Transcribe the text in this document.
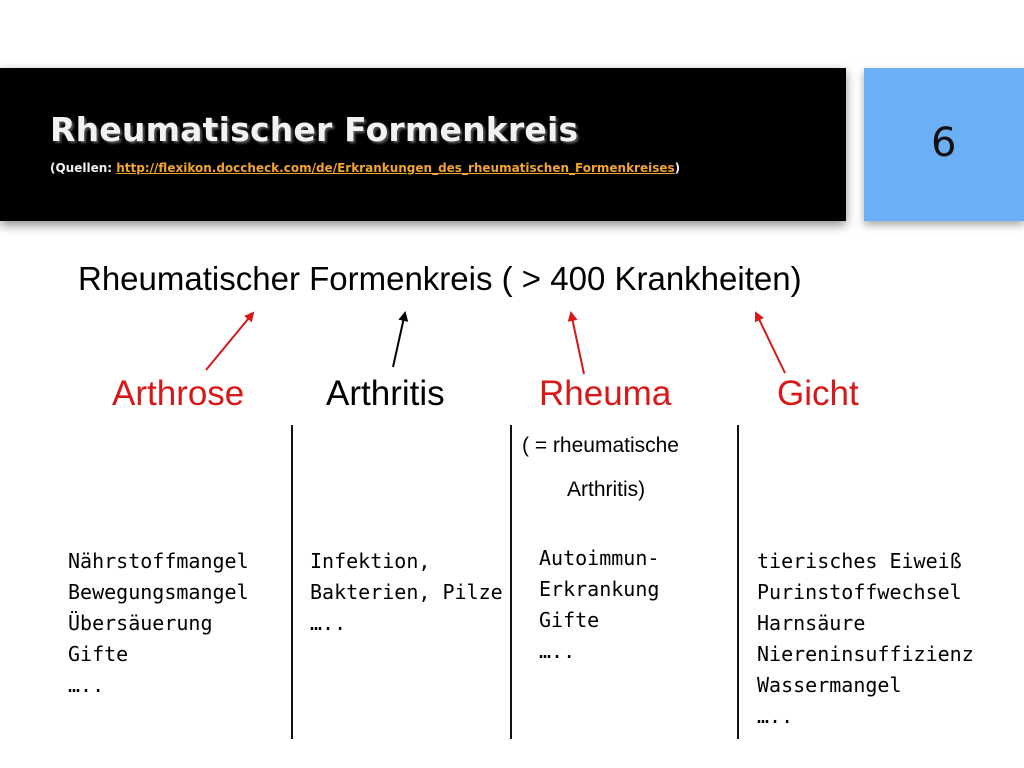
Rheumatischer Formenkreis
(Quellen: http://flexikon.doccheck.com/de/Erkrankungen_des_rheumatischen_Formenkreises)
6
Rheumatischer Formenkreis ( > 400 Krankheiten)
Arthrose Arthritis	Rheuma	Gicht
( = rheumatische
Arthritis)
Nährstoffmangel
Bewegungsmangel
Übersäuerung
Gifte
…..
Infektion,
Bakterien, Pilze
…..
Autoimmun-
Erkrankung
Gifte
…..
tierisches Eiweiß
Purinstoffwechsel
Harnsäure
Niereninsuffizienz
Wassermangel
…..
